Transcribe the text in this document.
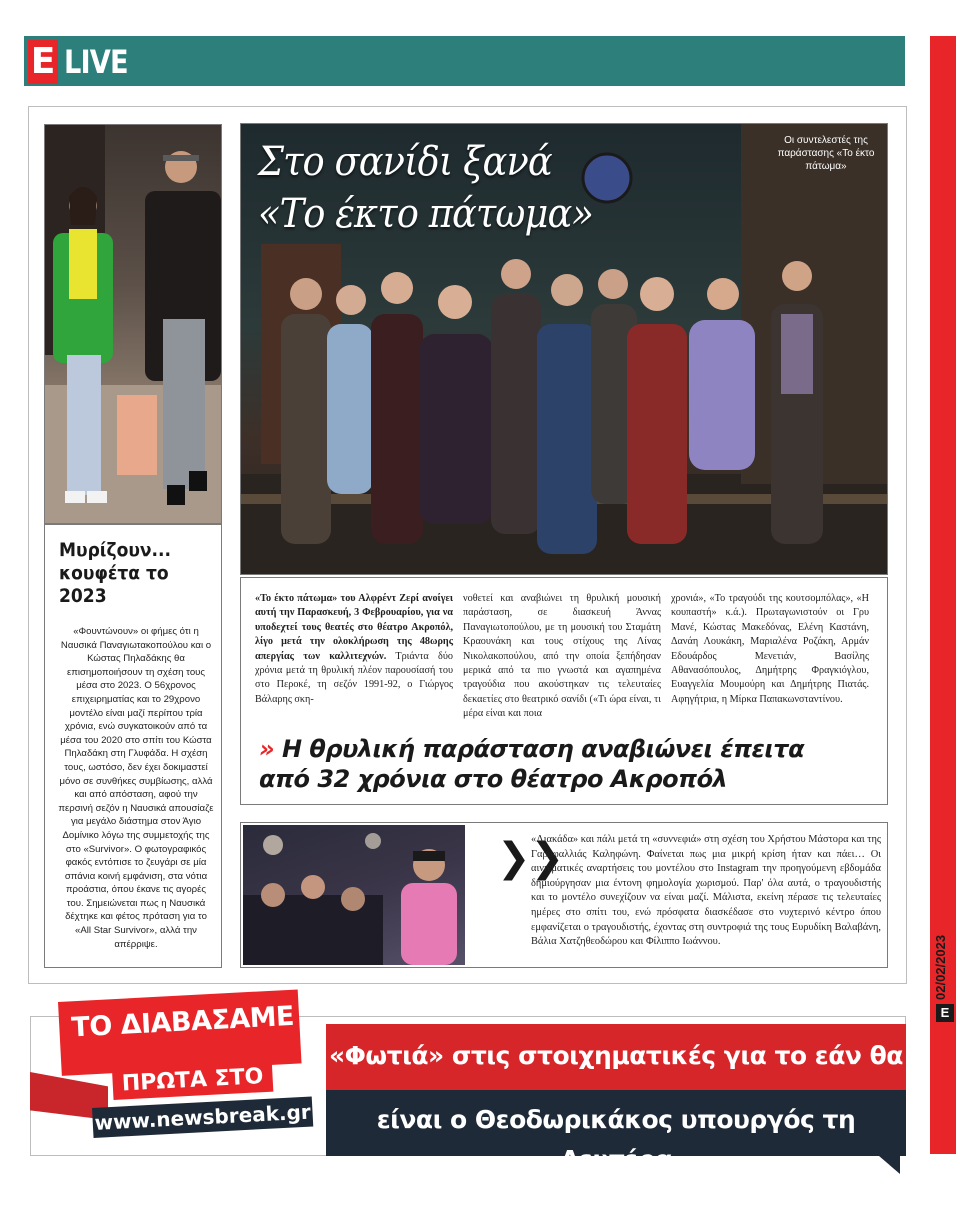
E LIVE
02/02/2023
E
Στο σανίδι ξανά
«Το έκτο πάτωμα»
Οι συντελεστές της παράστασης «Το έκτο πάτωμα»
Μυρίζουν... κουφέτα το 2023
«Φουντώνουν» οι φήμες ότι η Ναυσικά Παναγιωτακοπούλου και ο Κώστας Πηλαδάκης θα επισημοποιήσουν τη σχέση τους μέσα στο 2023. Ο 56χρονος επιχειρηματίας και το 29χρονο μοντέλο είναι μαζί περίπου τρία χρόνια, ενώ συγκατοικούν από τα μέσα του 2020 στο σπίτι του Κώστα Πηλαδάκη στη Γλυφάδα. Η σχέση τους, ωστόσο, δεν έχει δοκιμαστεί μόνο σε συνθήκες συμβίωσης, αλλά και από απόσταση, αφού την περσινή σεζόν η Ναυσικά απουσίαζε για μεγάλο διάστημα στον Άγιο Δομίνικο λόγω της συμμετοχής της στο «Survivor». Ο φωτογραφικός φακός εντόπισε το ζευγάρι σε μία σπάνια κοινή εμφάνιση, στα νότια προάστια, όπου έκανε τις αγορές του. Σημειώνεται πως η Ναυσικά δέχτηκε και φέτος πρόταση για το «All Star Survivor», αλλά την απέρριψε.
«Το έκτο πάτωμα» του Αλφρέντ Ζερί ανοίγει αυτή την Παρασκευή, 3 Φεβρουαρίου, για να υποδεχτεί τους θεατές στο θέατρο Ακροπόλ, λίγο μετά την ολοκλήρωση της 48ωρης απεργίας των καλλιτεχνών. Τριάντα δύο χρόνια μετά τη θρυλική πλέον παρουσίασή του στο Περοκέ, τη σεζόν 1991-92, ο Γιώργος Βάλαρης σκη-
νοθετεί και αναβιώνει τη θρυλική μουσική παράσταση, σε διασκευή Άννας Παναγιωτοπούλου, με τη μουσική του Σταμάτη Κραουνάκη και τους στίχους της Λίνας Νικολακοπούλου, από την οποία ξεπήδησαν μερικά από τα πιο γνωστά και αγαπημένα τραγούδια που ακούστηκαν τις τελευταίες δεκαετίες στο θεατρικό σανίδι («Τι ώρα είναι, τι μέρα είναι και ποια
χρονιά», «Το τραγούδι της κουτσομπόλας», «Η κουπαστή» κ.ά.). Πρωταγωνιστούν οι Γρυ Μανέ, Κώστας Μακεδόνας, Ελένη Καστάνη, Δανάη Λουκάκη, Μαριαλένα Ροζάκη, Αρμάν Εδουάρδος Μενετιάν, Βασίλης Αθανασόπουλος, Δημήτρης Φραγκιόγλου, Ευαγγελία Μουμούρη και Δημήτρης Πιατάς. Αφηγήτρια, η Μίρκα Παπακωνσταντίνου.
» Η θρυλική παράσταση αναβιώνει έπειτα
από 32 χρόνια στο θέατρο Ακροπόλ
❯❯
«Λιακάδα» και πάλι μετά τη «συννεφιά» στη σχέση του Χρήστου Μάστορα και της Γαρυφαλλιάς Καληφώνη. Φαίνεται πως μια μικρή κρίση ήταν και πάει… Οι αινιγματικές αναρτήσεις του μοντέλου στο Instagram την προηγούμενη εβδομάδα δημιούργησαν μια έντονη φημολογία χωρισμού. Παρ' όλα αυτά, ο τραγουδιστής και το μοντέλο συνεχίζουν να είναι μαζί. Μάλιστα, εκείνη πέρασε τις τελευταίες ημέρες στο σπίτι του, ενώ πρόσφατα διασκέδασε στο νυχτερινό κέντρο όπου εμφανίζεται ο τραγουδιστής, έχοντας στη συντροφιά της τους Ευρυδίκη Βαλαβάνη, Βάλια Χατζηθεοδώρου και Φίλιππο Ιωάννου.
ΤΟ ΔΙΑΒΑΣΑΜΕ
ΠΡΩΤΑ ΣΤΟ
www.newsbreak.gr
«Φωτιά» στις στοιχηματικές για το εάν θα
είναι ο Θεοδωρικάκος υπουργός τη Δευτέρα
